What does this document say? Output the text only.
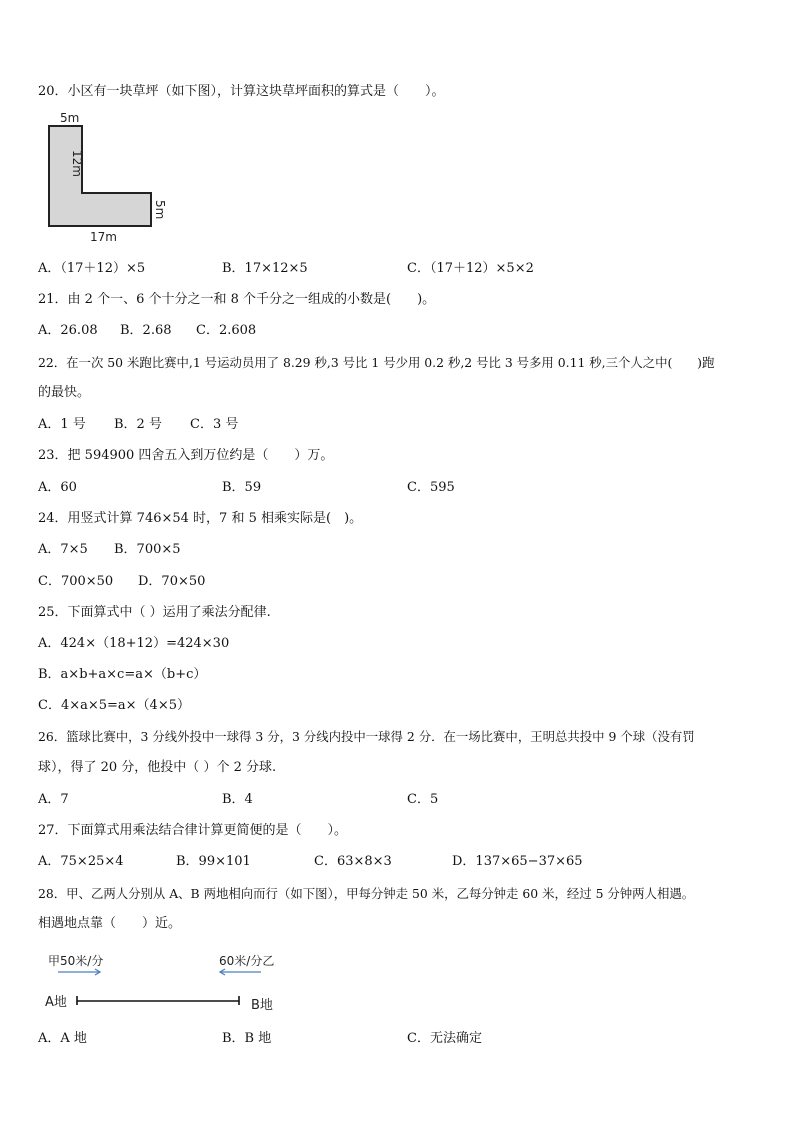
20．小区有一块草坪（如下图），计算这块草坪面积的算式是（　　）。
5m
12m
5m
17m
A．（17＋12）×5	B．17×12×5	C．（17＋12）×5×2
21．由 2 个一、6 个十分之一和 8 个千分之一组成的小数是(　　)。
A．26.08 B．2.68 C．2.608
22．在一次 50 米跑比赛中,1 号运动员用了 8.29 秒,3 号比 1 号少用 0.2 秒,2 号比 3 号多用 0.11 秒,三个人之中(　　)跑
的最快。
A．1 号 B．2 号 C．3 号
23．把 594900 四舍五入到万位约是（　　）万。
A．60	B．59	C．595
24．用竖式计算 746×54 时，7 和 5 相乘实际是(　)。
A．7×5 B．700×5
C．700×50 D．70×50
25．下面算式中（ ）运用了乘法分配律.
A．424×（18+12）=424×30
B．a×b+a×c=a×（b+c）
C．4×a×5=a×（4×5）
26．篮球比赛中，3 分线外投中一球得 3 分，3 分线内投中一球得 2 分．在一场比赛中，王明总共投中 9 个球（没有罚
球），得了 20 分，他投中（ ）个 2 分球.
A．7	B．4	C．5
27．下面算式用乘法结合律计算更简便的是（　　）。
A．75×25×4	B．99×101	C．63×8×3	D．137×65−37×65
28．甲、乙两人分别从 A、B 两地相向而行（如下图），甲每分钟走 50 米，乙每分钟走 60 米，经过 5 分钟两人相遇。
相遇地点靠（　　）近。
甲50米/分	60米/分乙
A地	B地
A．A 地	B．B 地	C．无法确定
